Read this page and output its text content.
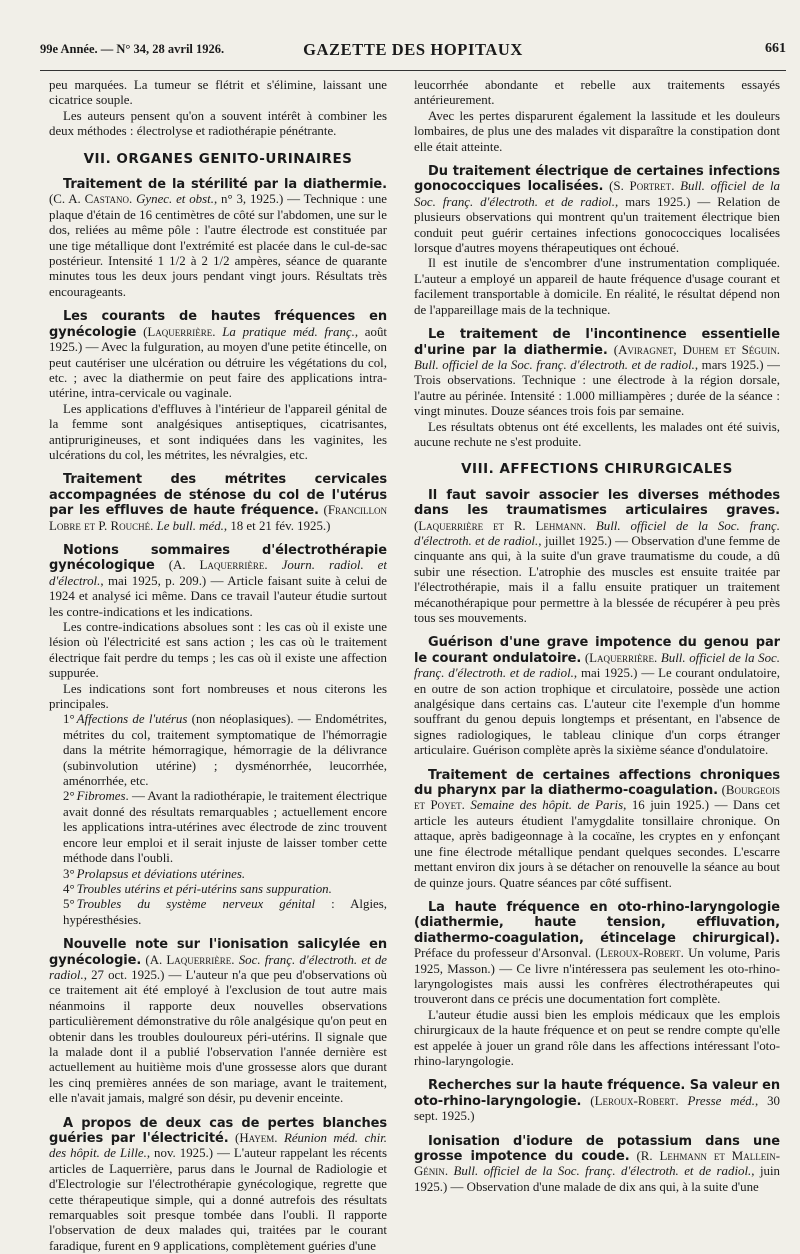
99e Année. — N° 34, 28 avril 1926.	GAZETTE DES HOPITAUX	661

peu marquées. La tumeur se flétrit et s'élimine, laissant une cicatrice souple.

Les auteurs pensent qu'on a souvent intérêt à combiner les deux méthodes : électrolyse et radiothérapie pénétrante.

VII. ORGANES GENITO-URINAIRES

Traitement de la stérilité par la diathermie. (C. A. Castano. Gynec. et obst., n° 3, 1925.) — Technique : une plaque d'étain de 16 centimètres de côté sur l'abdomen, une sur le dos, reliées au même pôle : l'autre électrode est constituée par une tige métallique dont l'extrémité est placée dans le cul-de-sac postérieur. Intensité 1 1/2 à 2 1/2 ampères, séance de quarante minutes tous les deux jours pendant vingt jours. Résultats très encourageants.

Les courants de hautes fréquences en gynécologie (Laquerrière. La pratique méd. franç., août 1925.) — Avec la fulguration, au moyen d'une petite étincelle, on peut cautériser une ulcération ou détruire les végétations du col, etc. ; avec la diathermie on peut faire des applications intra-utérine, intra-cervicale ou vaginale.

Les applications d'effluves à l'intérieur de l'appareil génital de la femme sont analgésiques antiseptiques, cicatrisantes, antiprurigineuses, et sont indiquées dans les vaginites, les ulcérations du col, les métrites, les névralgies, etc.

Traitement des métrites cervicales accompagnées de sténose du col de l'utérus par les effluves de haute fréquence. (Francillon Lobre et P. Rouché. Le bull. méd., 18 et 21 fév. 1925.)

Notions sommaires d'électrothérapie gynécologique (A. Laquerrière. Journ. radiol. et d'électrol., mai 1925, p. 209.) — Article faisant suite à celui de 1924 et analysé ici même. Dans ce travail l'auteur étudie surtout les contre-indications et les indications.

Les contre-indications absolues sont : les cas où il existe une lésion où l'électricité est sans action ; les cas où le traitement électrique fait perdre du temps ; les cas où il existe une affection suppurée.

Les indications sont fort nombreuses et nous citerons les principales.

1° Affections de l'utérus (non néoplasiques). — Endométrites, métrites du col, traitement symptomatique de l'hémorragie dans la métrite hémorragique, hémorragie de la délivrance (subinvolution utérine) ; dysménorrhée, leucorrhée, aménorrhée, etc.

2° Fibromes. — Avant la radiothérapie, le traitement électrique avait donné des résultats remarquables ; actuellement encore les applications intra-utérines avec électrode de zinc trouvent encore leur emploi et il serait injuste de laisser tomber cette méthode dans l'oubli.

3° Prolapsus et déviations utérines.

4° Troubles utérins et péri-utérins sans suppuration.

5° Troubles du système nerveux génital : Algies, hypéresthésies.

Nouvelle note sur l'ionisation salicylée en gynécologie. (A. Laquerrière. Soc. franç. d'électroth. et de radiol., 27 oct. 1925.) — L'auteur n'a que peu d'observations où ce traitement ait été employé à l'exclusion de tout autre mais néanmoins il rapporte deux nouvelles observations particulièrement démonstrative du rôle analgésique qu'on peut en obtenir dans les troubles douloureux péri-utérins. Il signale que la malade dont il a publié l'observation l'année dernière est actuellement au huitième mois d'une grossesse alors que durant les cinq premières années de son mariage, avant le traitement, elle n'avait jamais, malgré son désir, pu devenir enceinte.

A propos de deux cas de pertes blanches guéries par l'électricité. (Hayem. Réunion méd. chir. des hôpit. de Lille., nov. 1925.) — L'auteur rappelant les récents articles de Laquerrière, parus dans le Journal de Radiologie et d'Electrologie sur l'électrothérapie gynécologique, regrette que cette thérapeutique simple, qui a donné autrefois des résultats remarquables soit presque tombée dans l'oubli. Il rapporte l'observation de deux malades qui, traitées par le courant faradique, furent en 9 applications, complètement guéries d'une

leucorrhée abondante et rebelle aux traitements essayés antérieurement.

Avec les pertes disparurent également la lassitude et les douleurs lombaires, de plus une des malades vit disparaître la constipation dont elle était atteinte.

Du traitement électrique de certaines infections gonococciques localisées. (S. Portret. Bull. officiel de la Soc. franç. d'électroth. et de radiol., mars 1925.) — Relation de plusieurs observations qui montrent qu'un traitement électrique bien conduit peut guérir certaines infections gonococciques localisées lorsque d'autres moyens thérapeutiques ont échoué.

Il est inutile de s'encombrer d'une instrumentation compliquée. L'auteur a employé un appareil de haute fréquence d'usage courant et facilement transportable à domicile. En réalité, le résultat dépend non de l'appareillage mais de la technique.

Le traitement de l'incontinence essentielle d'urine par la diathermie. (Aviragnet, Duhem et Séguin. Bull. officiel de la Soc. franç. d'électroth. et de radiol., mars 1925.) — Trois observations. Technique : une électrode à la région dorsale, l'autre au périnée. Intensité : 1.000 milliampères ; durée de la séance : vingt minutes. Douze séances trois fois par semaine.

Les résultats obtenus ont été excellents, les malades ont été suivis, aucune rechute ne s'est produite.

VIII. AFFECTIONS CHIRURGICALES

Il faut savoir associer les diverses méthodes dans les traumatismes articulaires graves. (Laquerrière et R. Lehmann. Bull. officiel de la Soc. franç. d'électroth. et de radiol., juillet 1925.) — Observation d'une femme de cinquante ans qui, à la suite d'un grave traumatisme du coude, a dû subir une résection. L'atrophie des muscles est ensuite traitée par l'électrothérapie, mais il a fallu ensuite pratiquer un traitement mécanothérapique pour permettre à la blessée de récupérer à peu près tous ses mouvements.

Guérison d'une grave impotence du genou par le courant ondulatoire. (Laquerrière. Bull. officiel de la Soc. franç. d'électroth. et de radiol., mai 1925.) — Le courant ondulatoire, en outre de son action trophique et circulatoire, possède une action analgésique dans certains cas. L'auteur cite l'exemple d'un homme souffrant du genou depuis longtemps et présentant, en l'absence de signes radiologiques, le tableau clinique d'un corps étranger articulaire. Guérison complète après la sixième séance d'ondulatoire.

Traitement de certaines affections chroniques du pharynx par la diathermo-coagulation. (Bourgeois et Poyet. Semaine des hôpit. de Paris, 16 juin 1925.) — Dans cet article les auteurs étudient l'amygdalite tonsillaire chronique. On attaque, après badigeonnage à la cocaïne, les cryptes en y enfonçant une fine électrode métallique pendant quelques secondes. L'escarre mettant environ dix jours à se détacher on renouvelle la séance au bout de quinze jours. Quatre séances par côté suffisent.

La haute fréquence en oto-rhino-laryngologie (diathermie, haute tension, effluvation, diathermo-coagulation, étincelage chirurgical). Préface du professeur d'Arsonval. (Leroux-Robert. Un volume, Paris 1925, Masson.) — Ce livre n'intéressera pas seulement les oto-rhino-laryngologistes mais aussi les confrères électrothérapeutes qui trouveront dans ce précis une documentation fort complète.

L'auteur étudie aussi bien les emplois médicaux que les emplois chirurgicaux de la haute fréquence et on peut se rendre compte qu'elle est appelée à jouer un grand rôle dans les affections intéressant l'oto-rhino-laryngologie.

Recherches sur la haute fréquence. Sa valeur en oto-rhino-laryngologie. (Leroux-Robert. Presse méd., 30 sept. 1925.)

Ionisation d'iodure de potassium dans une grosse impotence du coude. (R. Lehmann et Mallein-Génin. Bull. officiel de la Soc. franç. d'électroth. et de radiol., juin 1925.) — Observation d'une malade de dix ans qui, à la suite d'une
